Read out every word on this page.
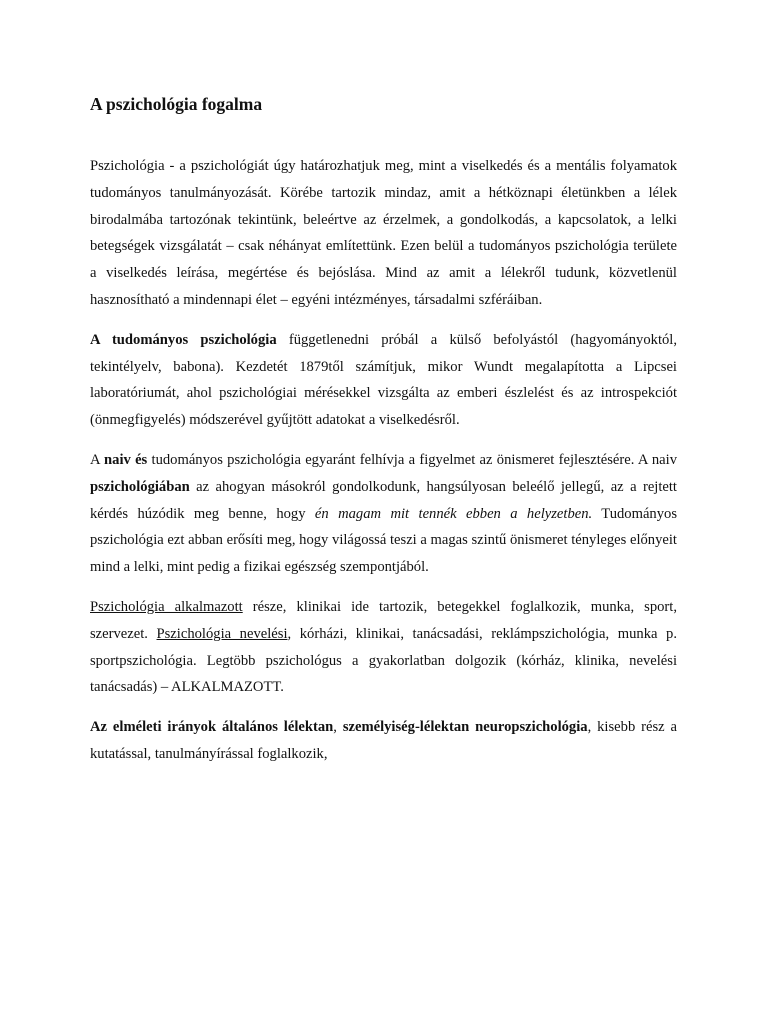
A pszichológia fogalma

Pszichológia - a pszichológiát úgy határozhatjuk meg, mint a viselkedés és a mentális folyamatok tudományos tanulmányozását. Körébe tartozik mindaz, amit a hétköznapi életünkben a lélek birodalmába tartozónak tekintünk, beleértve az érzelmek, a gondolkodás, a kapcsolatok, a lelki betegségek vizsgálatát – csak néhányat említettünk. Ezen belül a tudományos pszichológia területe a viselkedés leírása, megértése és bejóslása. Mind az amit a lélekről tudunk, közvetlenül hasznosítható a mindennapi élet – egyéni intézményes, társadalmi szféráiban.

A tudományos pszichológia függetlenedni próbál a külső befolyástól (hagyományoktól, tekintélyelv, babona). Kezdetét 1879től számítjuk, mikor Wundt megalapította a Lipcsei laboratóriumát, ahol pszichológiai mérésekkel vizsgálta az emberi észlelést és az introspekciót (önmegfigyelés) módszerével gyűjtött adatokat a viselkedésről.

A naiv és tudományos pszichológia egyaránt felhívja a figyelmet az önismeret fejlesztésére. A naiv pszichológiában az ahogyan másokról gondolkodunk, hangsúlyosan beleélő jellegű, az a rejtett kérdés húzódik meg benne, hogy én magam mit tennék ebben a helyzetben. Tudományos pszichológia ezt abban erősíti meg, hogy világossá teszi a magas szintű önismeret tényleges előnyeit mind a lelki, mint pedig a fizikai egészség szempontjából.

Pszichológia alkalmazott része, klinikai ide tartozik, betegekkel foglalkozik, munka, sport, szervezet. Pszichológia nevelési, kórházi, klinikai, tanácsadási, reklámpszichológia, munka p. sportpszichológia. Legtöbb pszichológus a gyakorlatban dolgozik (kórház, klinika, nevelési tanácsadás) – ALKALMAZOTT.

Az elméleti irányok általános lélektan, személyiség-lélektan neuropszichológia, kisebb rész a kutatással, tanulmányírással foglalkozik,
